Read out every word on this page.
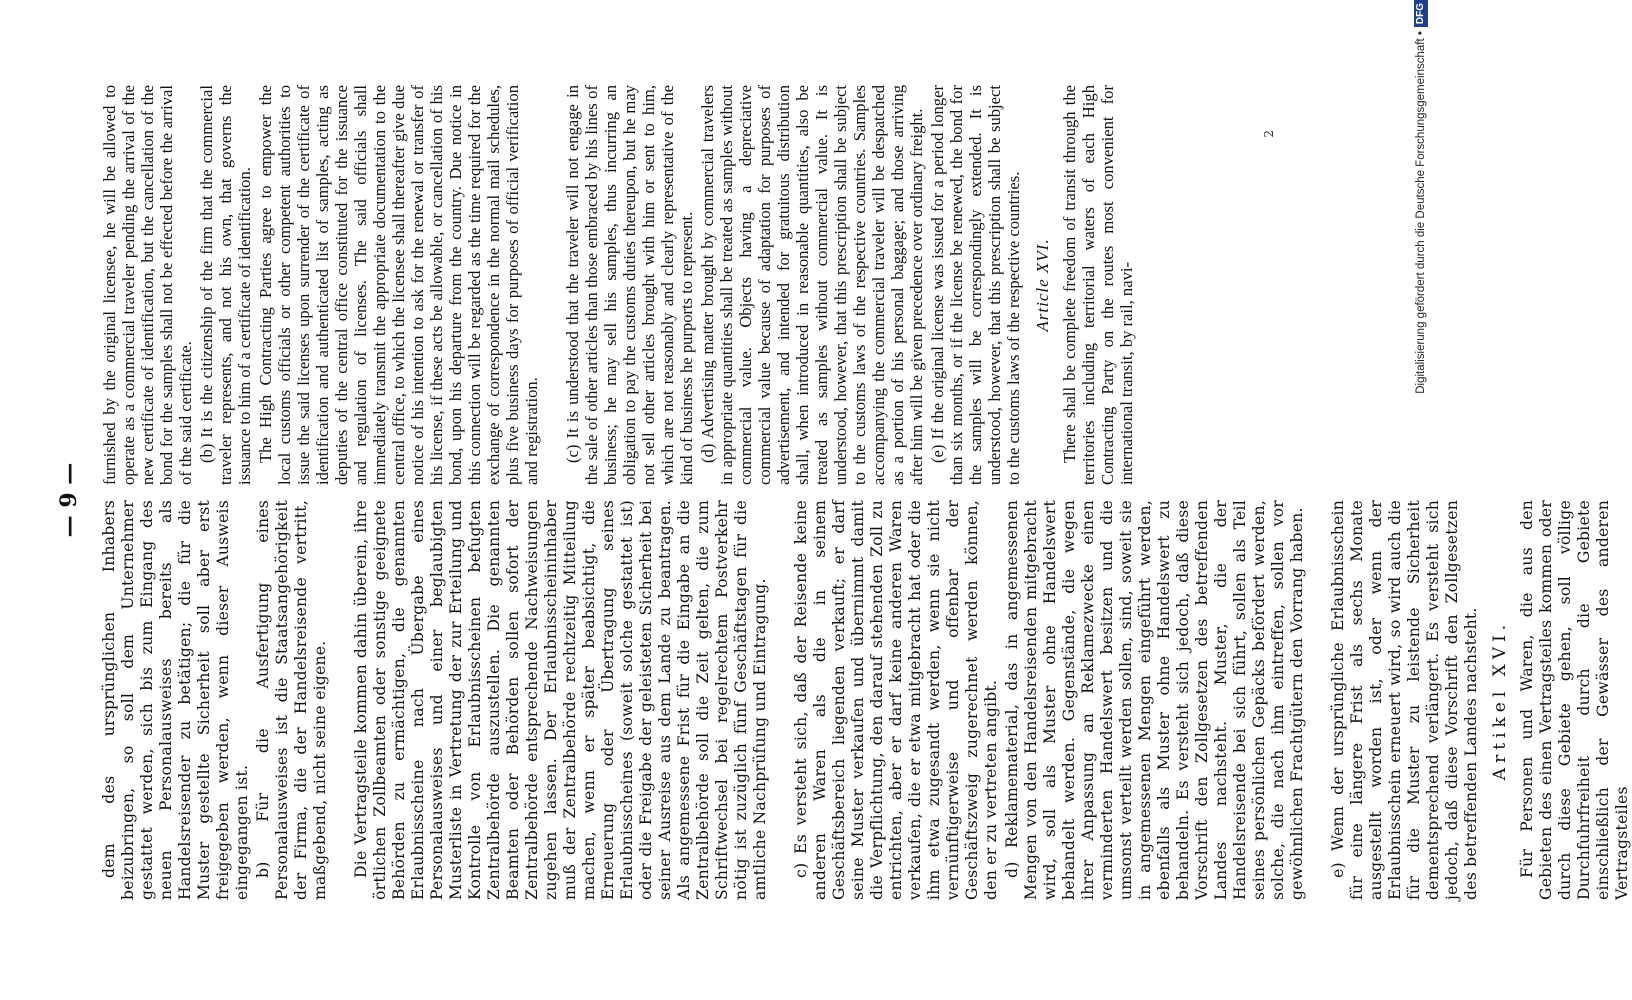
— 9 — dem des ursprünglichen Inhabers beizubringen, so soll dem Unternehmer gestattet werden, sich bis zum Eingang des neuen Personalausweises bereits als Handelsreisender zu betätigen; die für die Muster gestellte Sicherheit soll aber erst freigegeben werden, wenn dieser Ausweis eingegangen ist. b) Für die Ausfertigung eines Personalausweises ist die Staatsangehörigkeit der Firma, die der Handelsreisende vertritt, maßgebend, nicht seine eigene. Die Vertragsteile kommen dahin überein, ihre örtlichen Zollbeamten oder sonstige geeignete Behörden zu ermächtigen, die genannten Erlaubnisscheine nach Übergabe eines Personalausweises und einer beglaubigten Musterliste in Vertretung der zur Erteilung und Kontrolle von Erlaubnisscheinen befugten Zentralbehörde auszustellen. Die genannten Beamten oder Behörden sollen sofort der Zentralbehörde entsprechende Nachweisungen zugehen lassen. Der Erlaubnisscheininhaber muß der Zentralbehörde rechtzeitig Mitteilung machen, wenn er später beabsichtigt, die Erneuerung oder Übertragung seines Erlaubnisscheines (soweit solche gestattet ist) oder die Freigabe der geleisteten Sicherheit bei seiner Ausreise aus dem Lande zu beantragen. Als angemessene Frist für die Eingabe an die Zentralbehörde soll die Zeit gelten, die zum Schriftwechsel bei regelrechtem Postverkehr nötig ist zuzüglich fünf Geschäftstagen für die amtliche Nachprüfung und Eintragung. c) Es versteht sich, daß der Reisende keine anderen Waren als die in seinem Geschäftsbereich liegenden verkauft; er darf seine Muster verkaufen und übernimmt damit die Verpflichtung, den darauf stehenden Zoll zu entrichten, aber er darf keine anderen Waren verkaufen, die er etwa mitgebracht hat oder die ihm etwa zugesandt werden, wenn sie nicht vernünftigerweise und offenbar der Geschäftszweig zugerechnet werden können, den er zu vertreten angibt. d) Reklamematerial, das in angemessenen Mengen von den Handelsreisenden mitgebracht wird, soll als Muster ohne Handelswert behandelt werden. Gegenstände, die wegen ihrer Anpassung an Reklamezwecke einen verminderten Handelswert besitzen und die umsonst verteilt werden sollen, sind, soweit sie in angemessenen Mengen eingeführt werden, ebenfalls als Muster ohne Handelswert zu behandeln. Es versteht sich jedoch, daß diese Vorschrift den Zollgesetzen des betreffenden Landes nachsteht. Muster, die der Handelsreisende bei sich führt, sollen als Teil seines persönlichen Gepäcks befördert werden, solche, die nach ihm eintreffen, sollen vor gewöhnlichen Frachtgütern den Vorrang haben. e) Wenn der ursprüngliche Erlaubnisschein für eine längere Frist als sechs Monate ausgestellt worden ist, oder wenn der Erlaubnisschein erneuert wird, so wird auch die für die Muster zu leistende Sicherheit dementsprechend verlängert. Es versteht sich jedoch, daß diese Vorschrift den Zollgesetzen des betreffenden Landes nachsteht. Artikel XVI. Für Personen und Waren, die aus den Gebieten des einen Vertragsteiles kommen oder durch diese Gebiete gehen, soll völlige Durchfuhrfreiheit durch die Gebiete einschließlich der Gewässer des anderen Vertragsteiles

furnished by the original licensee, he will be allowed to operate as a commercial traveler pending the arrival of the new certificate of identification, but the cancellation of the bond for the samples shall not be effected before the arrival of the said certificate. (b) It is the citizenship of the firm that the commercial traveler represents, and not his own, that governs the issuance to him of a certificate of identification. The High Contracting Parties agree to empower the local customs officials or other competent authorities to issue the said licenses upon surrender of the certificate of identification and authenticated list of samples, acting as deputies of the central office constituted for the issuance and regulation of licenses. The said officials shall immediately transmit the appropriate documentation to the central office, to which the licensee shall thereafter give due notice of his intention to ask for the renewal or transfer of his license, if these acts be allowable, or cancellation of his bond, upon his departure from the country. Due notice in this connection will be regarded as the time required for the exchange of correspondence in the normal mail schedules, plus five business days for purposes of official verification and registration. (c) It is understood that the traveler will not engage in the sale of other articles than those embraced by his lines of business; he may sell his samples, thus incurring an obligation to pay the customs duties thereupon, but he may not sell other articles brought with him or sent to him, which are not reasonably and clearly representative of the kind of business he purports to represent. (d) Advertising matter brought by commercial travelers in appropriate quantities shall be treated as samples without commercial value. Objects having a depreciative commercial value because of adaptation for purposes of advertisement, and intended for gratuitous distribution shall, when introduced in reasonable quantities, also be treated as samples without commercial value. It is understood, however, that this prescription shall be subject to the customs laws of the respective countries. Samples accompanying the commercial traveler will be despatched as a portion of his personal baggage; and those arriving after him will be given precedence over ordinary freight. (e) If the original license was issued for a period longer than six months, or if the license be renewed, the bond for the samples will be correspondingly extended. It is understood, however, that this prescription shall be subject to the customs laws of the respective countries. Article XVI. There shall be complete freedom of transit through the territories including territorial waters of each High Contracting Party on the routes most convenient for international transit, by rail, navi-

2	Digitalisierung gefördert durch die Deutsche Forschungsgemeinschaft •DFG
